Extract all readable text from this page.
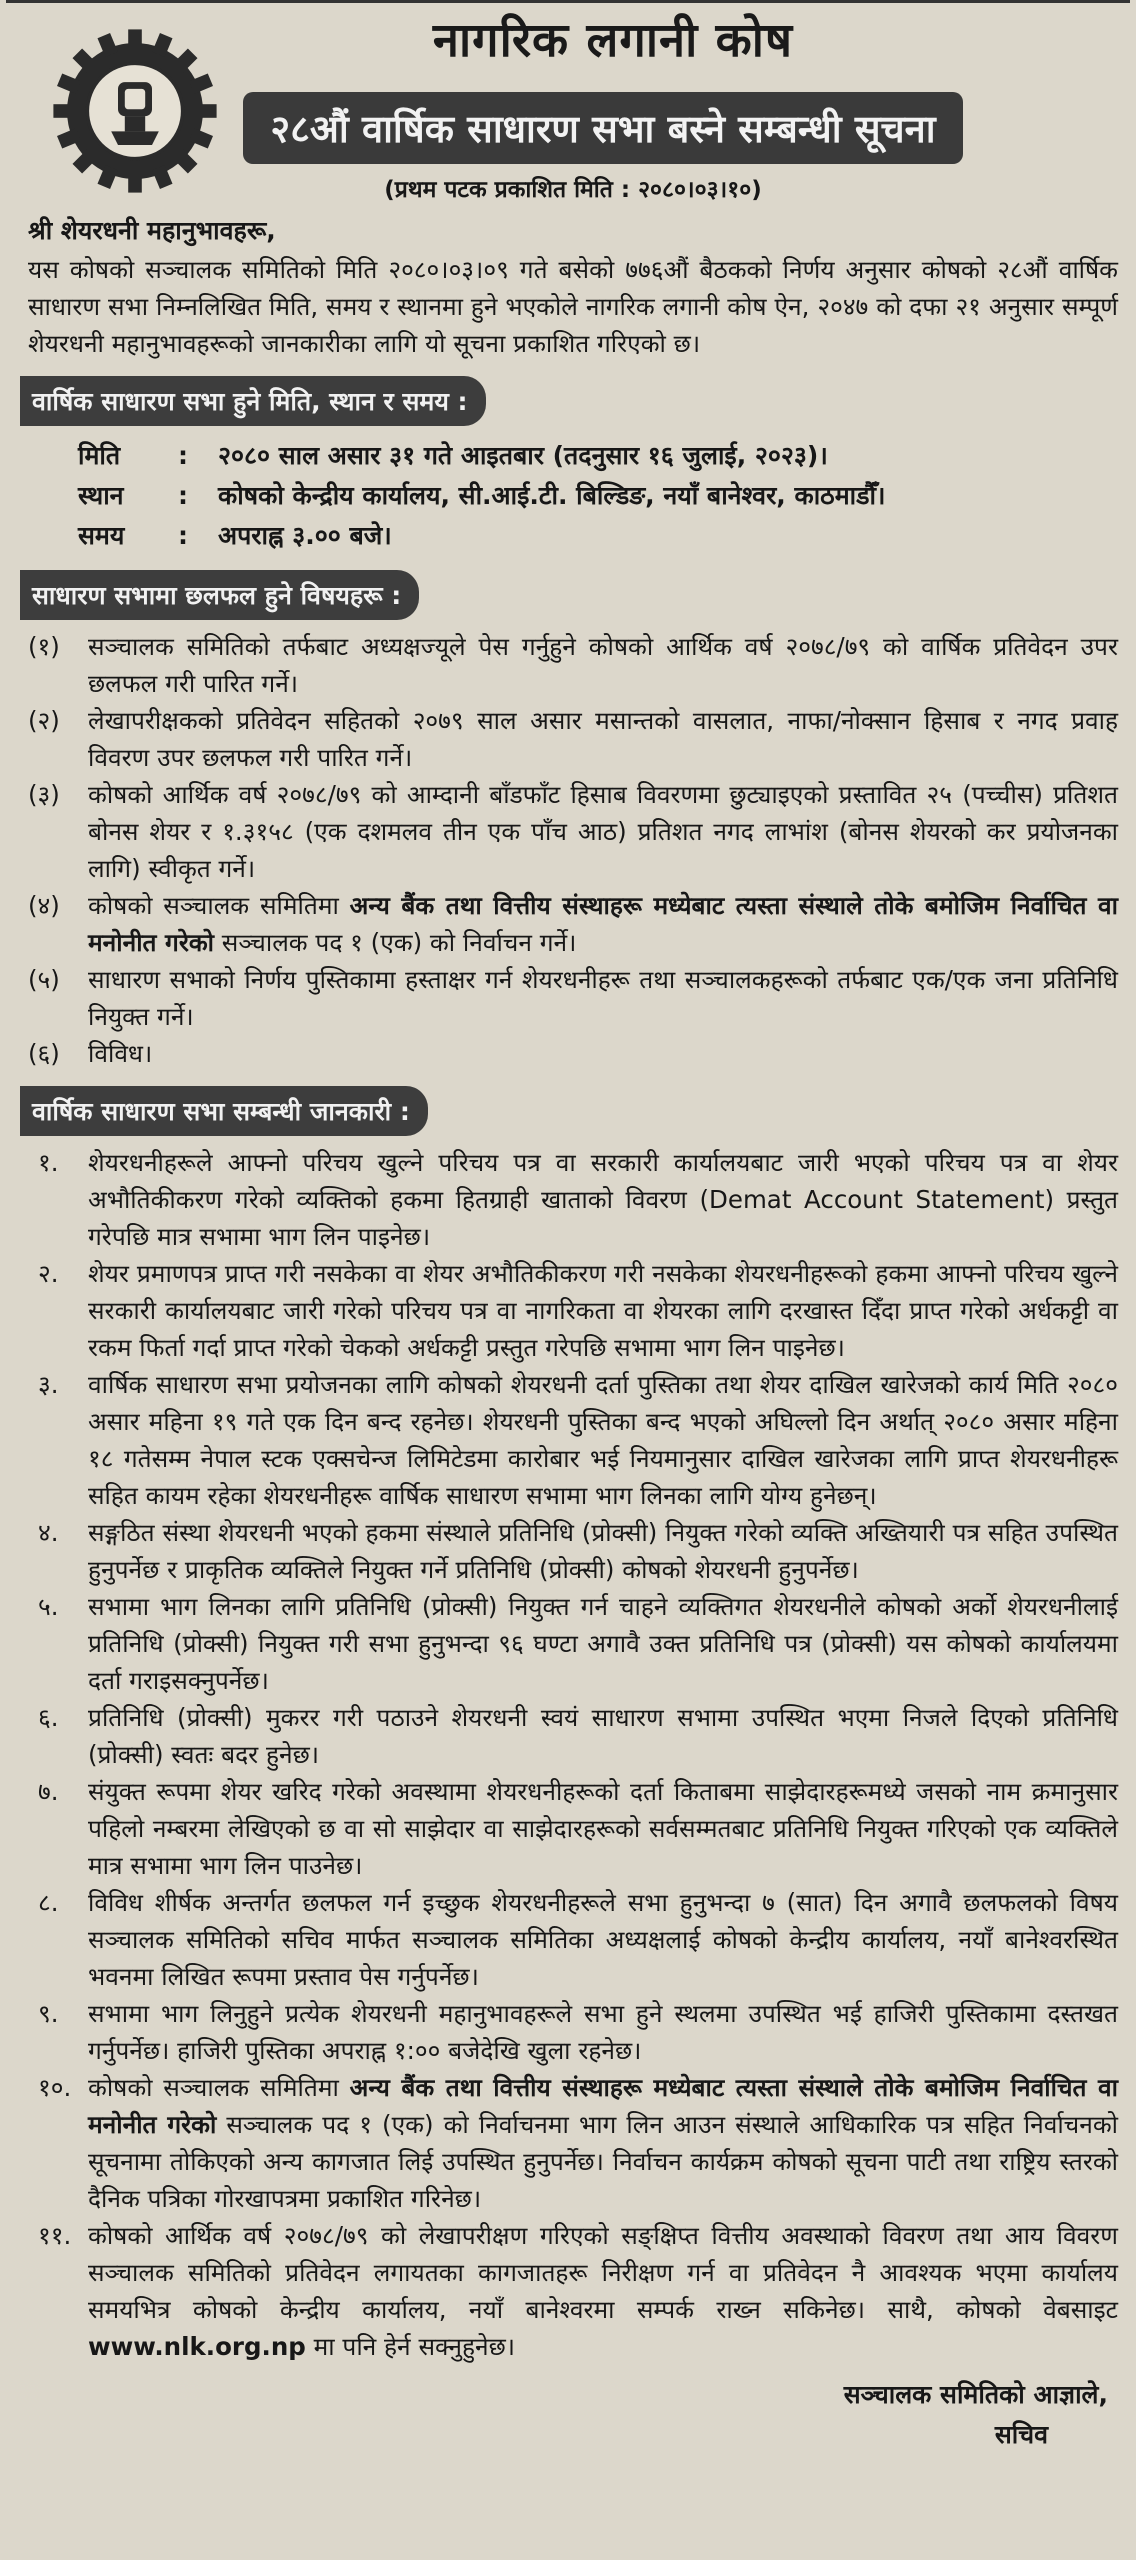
नागरिक लगानी कोष
२८औं वार्षिक साधारण सभा बस्ने सम्बन्धी सूचना
(प्रथम पटक प्रकाशित मिति : २०८०।०३।१०)

श्री शेयरधनी महानुभावहरू,

यस कोषको सञ्चालक समितिको मिति २०८०।०३।०९ गते बसेको ७७६औं बैठकको निर्णय अनुसार कोषको २८औं वार्षिक साधारण सभा निम्नलिखित मिति, समय र स्थानमा हुने भएकोले नागरिक लगानी कोष ऐन, २०४७ को दफा २१ अनुसार सम्पूर्ण शेयरधनी महानुभावहरूको जानकारीका लागि यो सूचना प्रकाशित गरिएको छ।

वार्षिक साधारण सभा हुने मिति, स्थान र समय :
मिति	:	२०८० साल असार ३१ गते आइतबार (तदनुसार १६ जुलाई, २०२३)।
स्थान	:	कोषको केन्द्रीय कार्यालय, सी.आई.टी. बिल्डिङ, नयाँ बानेश्वर, काठमाडौँ।
समय	:	अपराह्न ३.०० बजे।
साधारण सभामा छलफल हुने विषयहरू :
(१)	सञ्चालक समितिको तर्फबाट अध्यक्षज्यूले पेस गर्नुहुने कोषको आर्थिक वर्ष २०७८/७९ को वार्षिक प्रतिवेदन उपर छलफल गरी पारित गर्ने।
(२)	लेखापरीक्षकको प्रतिवेदन सहितको २०७९ साल असार मसान्तको वासलात, नाफा/नोक्सान हिसाब र नगद प्रवाह विवरण उपर छलफल गरी पारित गर्ने।
(३)	कोषको आर्थिक वर्ष २०७८/७९ को आम्दानी बाँडफाँट हिसाब विवरणमा छुट्याइएको प्रस्तावित २५ (पच्चीस) प्रतिशत बोनस शेयर र १.३१५८ (एक दशमलव तीन एक पाँच आठ) प्रतिशत नगद लाभांश (बोनस शेयरको कर प्रयोजनका लागि) स्वीकृत गर्ने।
(४)	कोषको सञ्चालक समितिमा अन्य बैंक तथा वित्तीय संस्थाहरू मध्येबाट त्यस्ता संस्थाले तोके बमोजिम निर्वाचित वा मनोनीत गरेको सञ्चालक पद १ (एक) को निर्वाचन गर्ने।
(५)	साधारण सभाको निर्णय पुस्तिकामा हस्ताक्षर गर्न शेयरधनीहरू तथा सञ्चालकहरूको तर्फबाट एक/एक जना प्रतिनिधि नियुक्त गर्ने।
(६)	विविध।
वार्षिक साधारण सभा सम्बन्धी जानकारी :
१.	शेयरधनीहरूले आफ्नो परिचय खुल्ने परिचय पत्र वा सरकारी कार्यालयबाट जारी भएको परिचय पत्र वा शेयर अभौतिकीकरण गरेको व्यक्तिको हकमा हितग्राही खाताको विवरण (Demat Account Statement) प्रस्तुत गरेपछि मात्र सभामा भाग लिन पाइनेछ।
२.	शेयर प्रमाणपत्र प्राप्त गरी नसकेका वा शेयर अभौतिकीकरण गरी नसकेका शेयरधनीहरूको हकमा आफ्नो परिचय खुल्ने सरकारी कार्यालयबाट जारी गरेको परिचय पत्र वा नागरिकता वा शेयरका लागि दरखास्त दिँदा प्राप्त गरेको अर्धकट्टी वा रकम फिर्ता गर्दा प्राप्त गरेको चेकको अर्धकट्टी प्रस्तुत गरेपछि सभामा भाग लिन पाइनेछ।
३.	वार्षिक साधारण सभा प्रयोजनका लागि कोषको शेयरधनी दर्ता पुस्तिका तथा शेयर दाखिल खारेजको कार्य मिति २०८० असार महिना १९ गते एक दिन बन्द रहनेछ। शेयरधनी पुस्तिका बन्द भएको अघिल्लो दिन अर्थात् २०८० असार महिना १८ गतेसम्म नेपाल स्टक एक्सचेन्ज लिमिटेडमा कारोबार भई नियमानुसार दाखिल खारेजका लागि प्राप्त शेयरधनीहरू सहित कायम रहेका शेयरधनीहरू वार्षिक साधारण सभामा भाग लिनका लागि योग्य हुनेछन्।
४.	सङ्गठित संस्था शेयरधनी भएको हकमा संस्थाले प्रतिनिधि (प्रोक्सी) नियुक्त गरेको व्यक्ति अख्तियारी पत्र सहित उपस्थित हुनुपर्नेछ र प्राकृतिक व्यक्तिले नियुक्त गर्ने प्रतिनिधि (प्रोक्सी) कोषको शेयरधनी हुनुपर्नेछ।
५.	सभामा भाग लिनका लागि प्रतिनिधि (प्रोक्सी) नियुक्त गर्न चाहने व्यक्तिगत शेयरधनीले कोषको अर्को शेयरधनीलाई प्रतिनिधि (प्रोक्सी) नियुक्त गरी सभा हुनुभन्दा ९६ घण्टा अगावै उक्त प्रतिनिधि पत्र (प्रोक्सी) यस कोषको कार्यालयमा दर्ता गराइसक्नुपर्नेछ।
६.	प्रतिनिधि (प्रोक्सी) मुकरर गरी पठाउने शेयरधनी स्वयं साधारण सभामा उपस्थित भएमा निजले दिएको प्रतिनिधि (प्रोक्सी) स्वतः बदर हुनेछ।
७.	संयुक्त रूपमा शेयर खरिद गरेको अवस्थामा शेयरधनीहरूको दर्ता किताबमा साझेदारहरूमध्ये जसको नाम क्रमानुसार पहिलो नम्बरमा लेखिएको छ वा सो साझेदार वा साझेदारहरूको सर्वसम्मतबाट प्रतिनिधि नियुक्त गरिएको एक व्यक्तिले मात्र सभामा भाग लिन पाउनेछ।
८.	विविध शीर्षक अन्तर्गत छलफल गर्न इच्छुक शेयरधनीहरूले सभा हुनुभन्दा ७ (सात) दिन अगावै छलफलको विषय सञ्चालक समितिको सचिव मार्फत सञ्चालक समितिका अध्यक्षलाई कोषको केन्द्रीय कार्यालय, नयाँ बानेश्वरस्थित भवनमा लिखित रूपमा प्रस्ताव पेस गर्नुपर्नेछ।
९.	सभामा भाग लिनुहुने प्रत्येक शेयरधनी महानुभावहरूले सभा हुने स्थलमा उपस्थित भई हाजिरी पुस्तिकामा दस्तखत गर्नुपर्नेछ। हाजिरी पुस्तिका अपराह्न १:०० बजेदेखि खुला रहनेछ।
१०. कोषको सञ्चालक समितिमा अन्य बैंक तथा वित्तीय संस्थाहरू मध्येबाट त्यस्ता संस्थाले तोके बमोजिम निर्वाचित वा मनोनीत गरेको सञ्चालक पद १ (एक) को निर्वाचनमा भाग लिन आउन संस्थाले आधिकारिक पत्र सहित निर्वाचनको सूचनामा तोकिएको अन्य कागजात लिई उपस्थित हुनुपर्नेछ। निर्वाचन कार्यक्रम कोषको सूचना पाटी तथा राष्ट्रिय स्तरको दैनिक पत्रिका गोरखापत्रमा प्रकाशित गरिनेछ।
११. कोषको आर्थिक वर्ष २०७८/७९ को लेखापरीक्षण गरिएको सङ्क्षिप्त वित्तीय अवस्थाको विवरण तथा आय विवरण सञ्चालक समितिको प्रतिवेदन लगायतका कागजातहरू निरीक्षण गर्न वा प्रतिवेदन नै आवश्यक भएमा कार्यालय समयभित्र कोषको केन्द्रीय कार्यालय, नयाँ बानेश्वरमा सम्पर्क राख्न सकिनेछ। साथै, कोषको वेबसाइट www.nlk.org.np मा पनि हेर्न सक्नुहुनेछ।
सञ्चालक समितिको आज्ञाले,
सचिव
